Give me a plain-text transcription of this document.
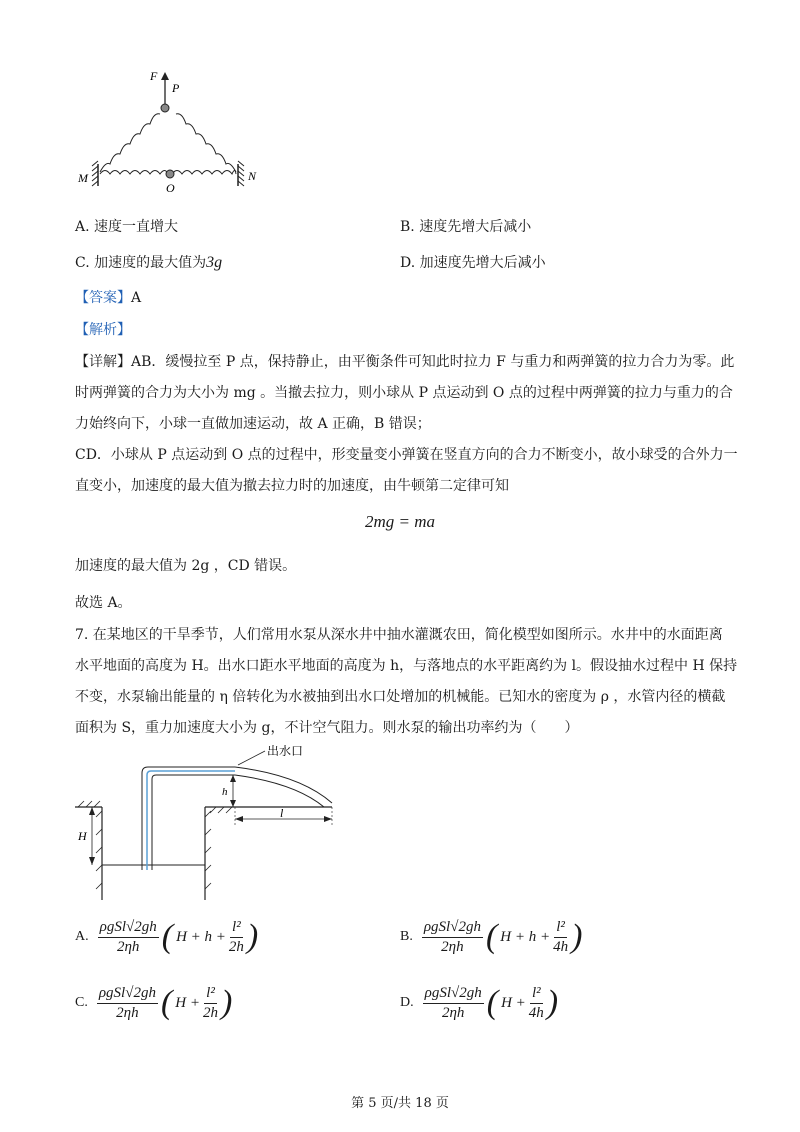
F
P
M	N
O
A. 速度一直增大	B. 速度先增大后减小
C. 加速度的最大值为3g	D. 加速度先增大后减小
【答案】A
【解析】
【详解】AB．缓慢拉至 P 点，保持静止，由平衡条件可知此时拉力 F 与重力和两弹簧的拉力合力为零。此
时两弹簧的合力为大小为 mg 。当撤去拉力，则小球从 P 点运动到 O 点的过程中两弹簧的拉力与重力的合
力始终向下，小球一直做加速运动，故 A 正确，B 错误；
CD．小球从 P 点运动到 O 点的过程中，形变量变小弹簧在竖直方向的合力不断变小，故小球受的合外力一
直变小，加速度的最大值为撤去拉力时的加速度，由牛顿第二定律可知
2mg = ma
加速度的最大值为 2g ，CD 错误。
故选 A。
7. 在某地区的干旱季节，人们常用水泵从深水井中抽水灌溉农田，简化模型如图所示。水井中的水面距离
水平地面的高度为 H。出水口距水平地面的高度为 h，与落地点的水平距离约为 l。假设抽水过程中 H 保持
不变，水泵输出能量的 η 倍转化为水被抽到出水口处增加的机械能。已知水的密度为 ρ ，水管内径的横截
面积为 S，重力加速度大小为 g，不计空气阻力。则水泵的输出功率约为（　　）
H
h
l
出水口
A. $\frac{\text{ρgSl√2gh}}{2\eta h}$ ( $H + h + \frac{\text{l²}}{2h}$ )	B. $\frac{\text{ρgSl√2gh}}{2\eta h}$ ( $H + h + \frac{\text{l²}}{4h}$ )
C. $\frac{\text{ρgSl√2gh}}{2\eta h}$ ( $H + \frac{\text{l²}}{2h}$ )	D. $\frac{\text{ρgSl√2gh}}{2\eta h}$ ( $H + \frac{\text{l²}}{4h}$ )
第 5 页/共 18 页
